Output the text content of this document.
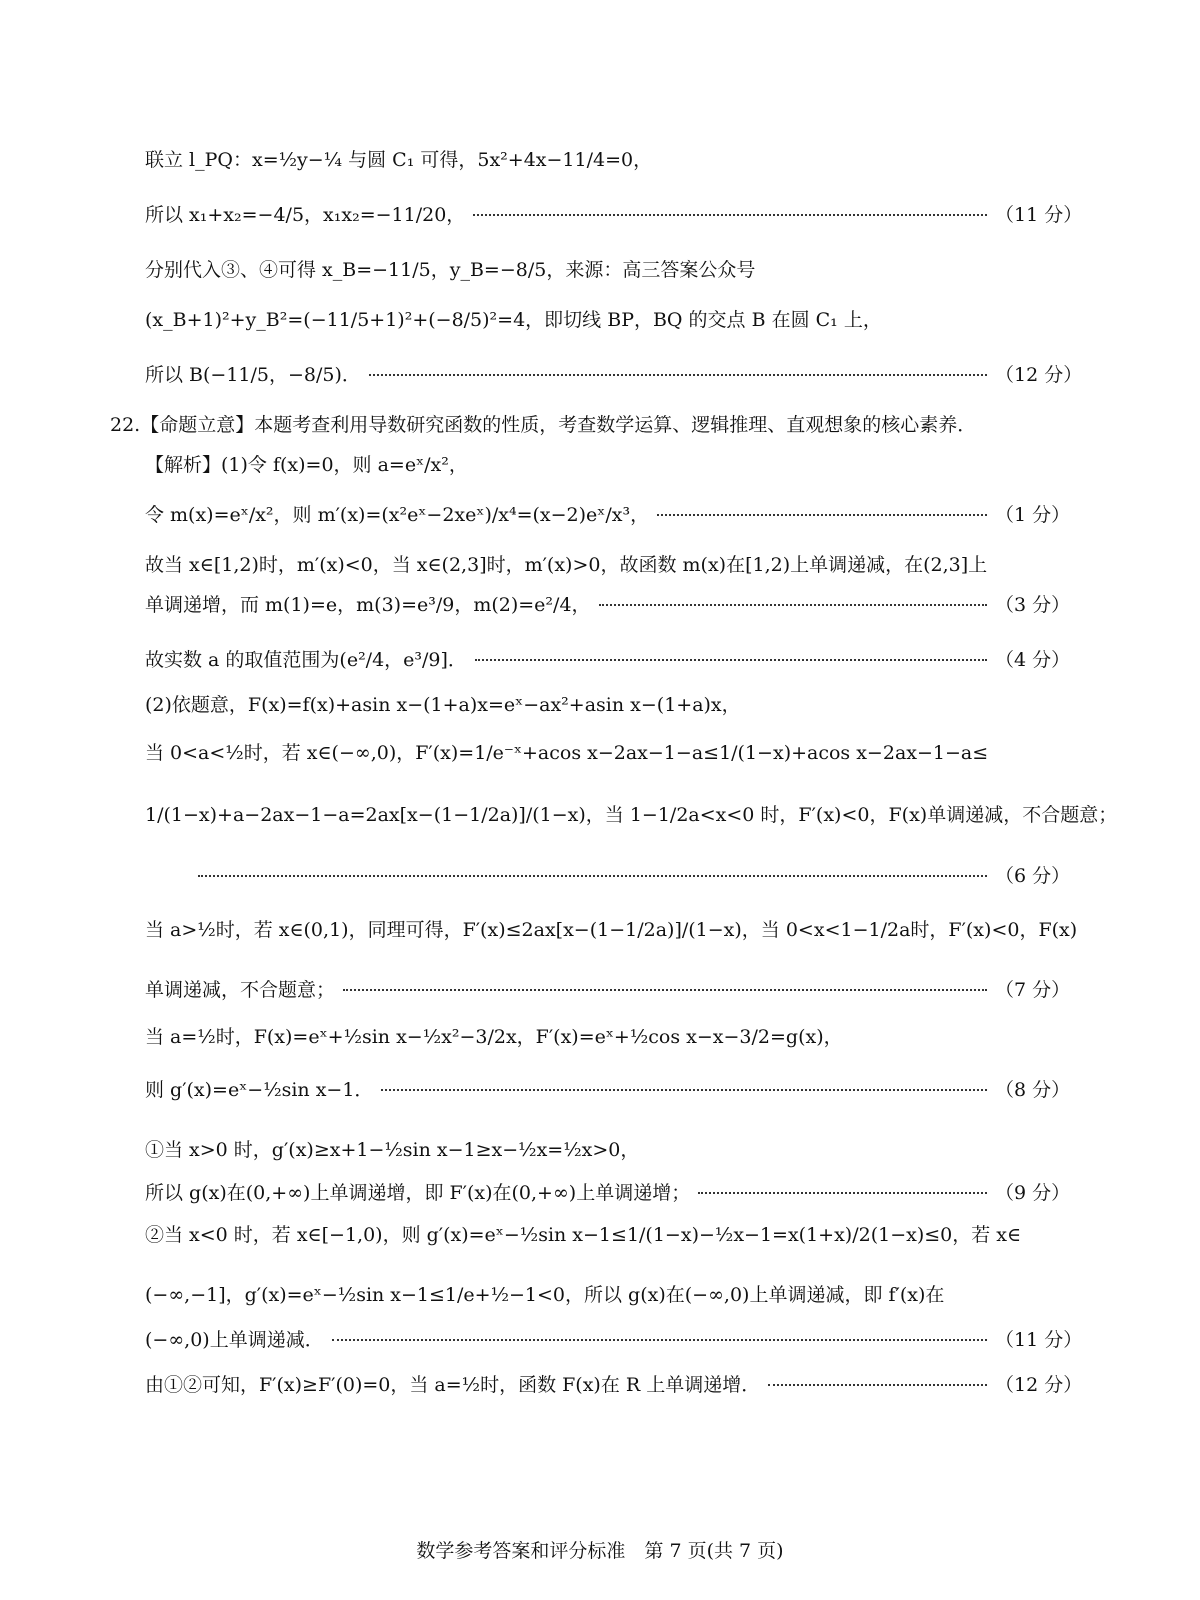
联立 l_PQ：x=½y−¼ 与圆 C₁ 可得，5x²+4x−11/4=0，
所以 x₁+x₂=−4/5，x₁x₂=−11/20，	（11 分）
分别代入③、④可得 x_B=−11/5，y_B=−8/5，来源：高三答案公众号
(x_B+1)²+y_B²=(−11/5+1)²+(−8/5)²=4，即切线 BP，BQ 的交点 B 在圆 C₁ 上，
所以 B(−11/5，−8/5)．	（12 分）
22.【命题立意】本题考查利用导数研究函数的性质，考查数学运算、逻辑推理、直观想象的核心素养．
【解析】(1)令 f(x)=0，则 a=eˣ/x²，
令 m(x)=eˣ/x²，则 m′(x)=(x²eˣ−2xeˣ)/x⁴=(x−2)eˣ/x³，	（1 分）
故当 x∈[1,2)时，m′(x)<0，当 x∈(2,3]时，m′(x)>0，故函数 m(x)在[1,2)上单调递减，在(2,3]上
单调递增，而 m(1)=e，m(3)=e³/9，m(2)=e²/4，	（3 分）
故实数 a 的取值范围为(e²/4，e³/9]．	（4 分）
(2)依题意，F(x)=f(x)+asin x−(1+a)x=eˣ−ax²+asin x−(1+a)x，
当 0<a<½时，若 x∈(−∞,0)，F′(x)=1/e⁻ˣ+acos x−2ax−1−a≤1/(1−x)+acos x−2ax−1−a≤
1/(1−x)+a−2ax−1−a=2ax[x−(1−1/2a)]/(1−x)，当 1−1/2a<x<0 时，F′(x)<0，F(x)单调递减，不合题意；
（6 分）
当 a>½时，若 x∈(0,1)，同理可得，F′(x)≤2ax[x−(1−1/2a)]/(1−x)，当 0<x<1−1/2a时，F′(x)<0，F(x)
单调递减，不合题意；	（7 分）
当 a=½时，F(x)=eˣ+½sin x−½x²−3/2x，F′(x)=eˣ+½cos x−x−3/2=g(x)，
则 g′(x)=eˣ−½sin x−1．	（8 分）
①当 x>0 时，g′(x)≥x+1−½sin x−1≥x−½x=½x>0，
所以 g(x)在(0,+∞)上单调递增，即 F′(x)在(0,+∞)上单调递增；	（9 分）
②当 x<0 时，若 x∈[−1,0)，则 g′(x)=eˣ−½sin x−1≤1/(1−x)−½x−1=x(1+x)/2(1−x)≤0，若 x∈
(−∞,−1]，g′(x)=eˣ−½sin x−1≤1/e+½−1<0，所以 g(x)在(−∞,0)上单调递减，即 f′(x)在
(−∞,0)上单调递减．	（11 分）
由①②可知，F′(x)≥F′(0)=0，当 a=½时，函数 F(x)在 R 上单调递增．	（12 分）
数学参考答案和评分标准　第 7 页(共 7 页)
